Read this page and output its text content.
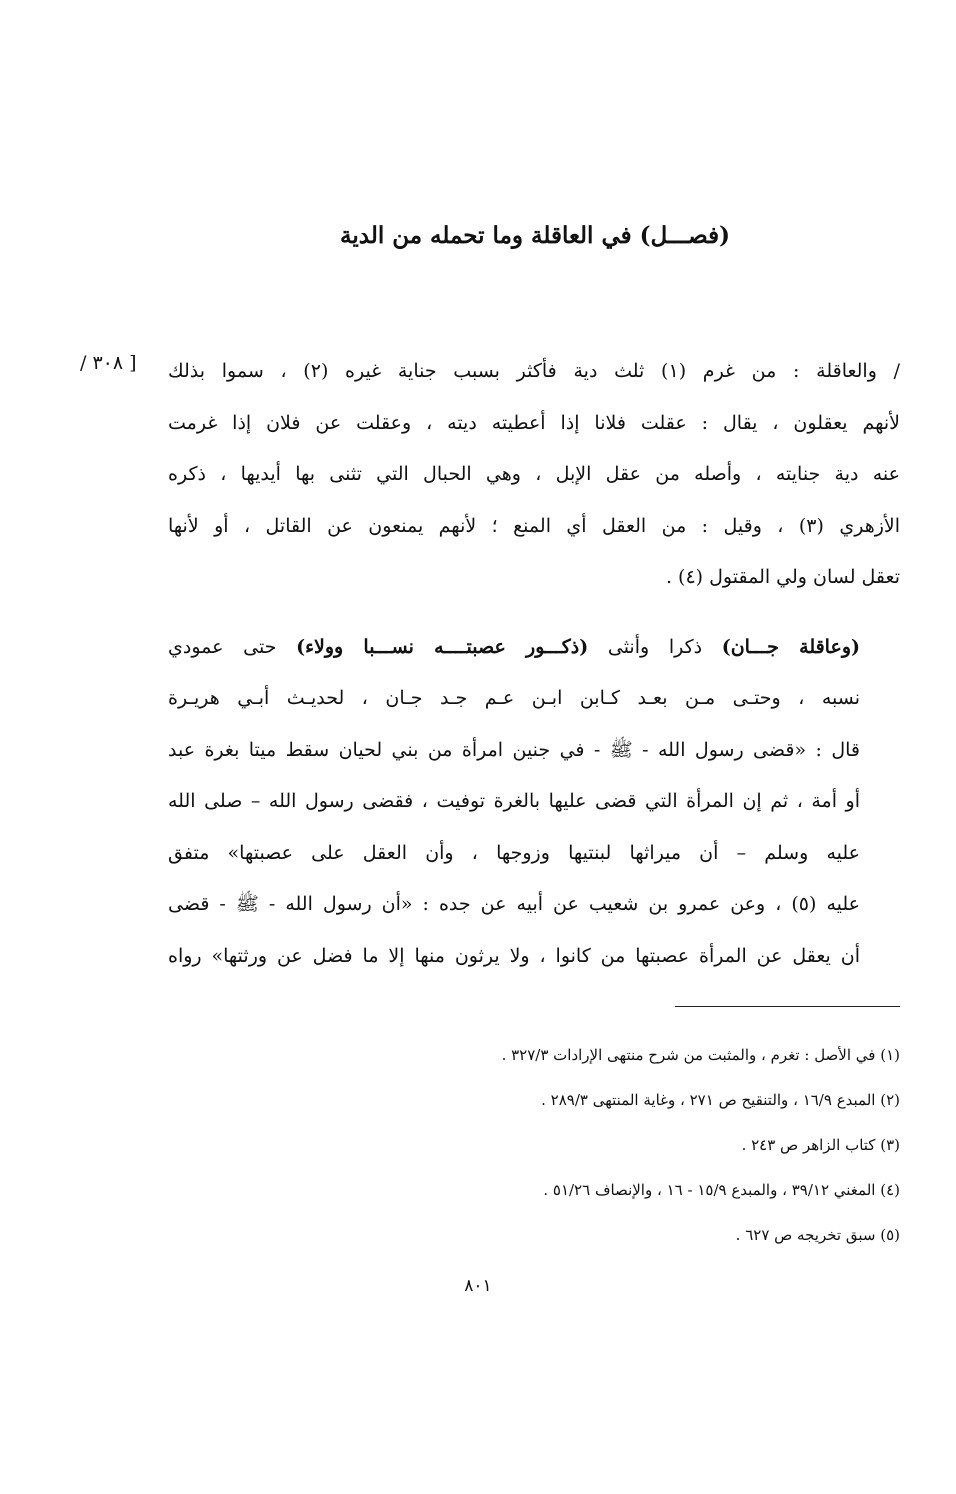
(فصـــل) في العاقلة وما تحمله من الدية
[ ٣٠٨ / / والعاقلة : من غرم (١) ثلث دية فأكثر بسبب جناية غيره (٢) ، سموا بذلك
لأنهم يعقلون ، يقال : عقلت فلانا إذا أعطيته ديته ، وعقلت عن فلان إذا غرمت
عنه دية جنايته ، وأصله من عقل الإبل ، وهي الحبال التي تثنى بها أيديها ، ذكره
الأزهري (٣) ، وقيل : من العقل أي المنع ؛ لأنهم يمنعون عن القاتل ، أو لأنها
تعقل لسان ولي المقتول (٤) .

(وعاقلة جـــان) ذكرا وأنثى (ذكـــور عصبتــــه نســـبا وولاء) حتى عمودي
نسبه ، وحتـى مـن بعـد كـابن ابـن عـم جـد جـان ، لحديـث أبـي هريـرة
قال : «قضى رسول الله - ﷺ - في جنين امرأة من بني لحيان سقط ميتا بغرة عبد
أو أمة ، ثم إن المرأة التي قضى عليها بالغرة توفيت ، فقضى رسول الله – صلى الله
عليه وسلم – أن ميراثها لبنتيها وزوجها ، وأن العقل على عصبتها» متفق
عليه (٥) ، وعن عمرو بن شعيب عن أبيه عن جده : «أن رسول الله - ﷺ - قضى
أن يعقل عن المرأة عصبتها من كانوا ، ولا يرثون منها إلا ما فضل عن ورثتها» رواه

(١) في الأصل : تغرم ، والمثبت من شرح منتهى الإرادات ٣٢٧/٣ .
(٢) المبدع ١٦/٩ ، والتنقيح ص ٢٧١ ، وغاية المنتهى ٢٨٩/٣ .
(٣) كتاب الزاهر ص ٢٤٣ .
(٤) المغني ٣٩/١٢ ، والمبدع ١٥/٩ - ١٦ ، والإنصاف ٥١/٢٦ .
(٥) سبق تخريجه ص ٦٢٧ .
٨٠١
